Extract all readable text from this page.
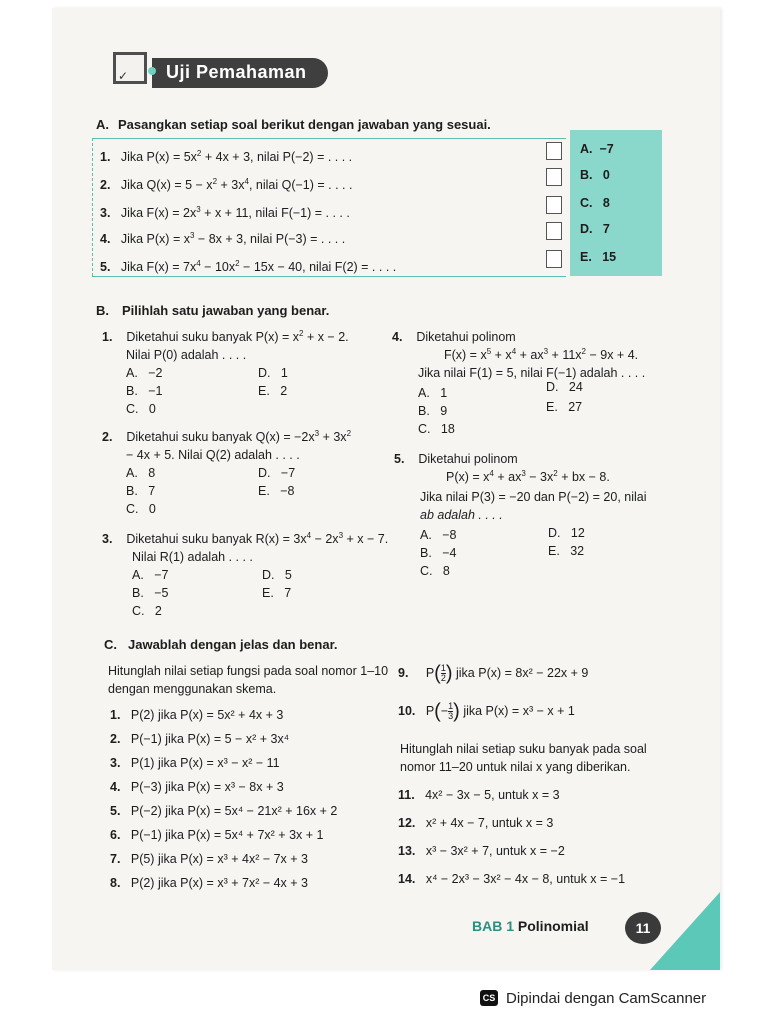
✓	Uji Pemahaman
A. Pasangkan setiap soal berikut dengan jawaban yang sesuai.
1. Jika $P(x) = 5x^2 + 4x + 3$, nilai P(−2) = . . . .
2. Jika $Q(x) = 5 - x^2 + 3x^4$, nilai Q(−1) = . . . .
3. Jika $F(x) = 2x^3 + x + 11$, nilai F(−1) = . . . .
4. Jika $P(x) = x^3 - 8x + 3$, nilai P(−3) = . . . .
5. Jika $F(x) = 7x^4 - 10x^2 - 15x - 40$, nilai F(2) = . . . .
A. −7
B. 0
C. 8
D. 7
E. 15
B. Pilihlah satu jawaban yang benar.
1. Diketahui suku banyak $P(x) = x^2 + x - 2$.
Nilai P(0) adalah . . . .
A. −2
B. −1
C. 0
D. 1
E. 2
2. Diketahui suku banyak $Q(x) = -2x^3 + 3x^2$
− 4x + 5. Nilai Q(2) adalah . . . .
A. 8
B. 7
C. 0
D. −7
E. −8
3. Diketahui suku banyak $R(x) = 3x^4 - 2x^3 + x - 7$.
Nilai R(1) adalah . . . .
A. −7
B. −5
C. 2
D. 5
E. 7
4. Diketahui polinom
$F(x) = x^5 + x^4 + ax^3 + 11x^2 - 9x + 4$.
Jika nilai F(1) = 5, nilai F(−1) adalah . . . .
A. 1
B. 9
C. 18
D. 24
E. 27
5. Diketahui polinom
$P(x) = x^4 + ax^3 - 3x^2$ + bx − 8.
Jika nilai P(3) = −20 dan P(−2) = 20, nilai
ab adalah . . . .
A. −8
B. −4
C. 8
D. 12
E. 32
C. Jawablah dengan jelas dan benar.
Hitunglah nilai setiap fungsi pada soal nomor 1–10
dengan menggunakan skema.
1. P(2) jika P(x) = 5x² + 4x + 3
2. P(−1) jika P(x) = 5 − x² + 3x⁴
3. P(1) jika P(x) = x³ − x² − 11
4. P(−3) jika P(x) = x³ − 8x + 3
5. P(−2) jika P(x) = 5x⁴ − 21x² + 16x + 2
6. P(−1) jika P(x) = 5x⁴ + 7x² + 3x + 1
7. P(5) jika P(x) = x³ + 4x² − 7x + 3
8. P(2) jika P(x) = x³ + 7x² − 4x + 3
9. $P( \frac{1}{2}$ ) jika P(x) = 8x² − 22x + 9
10. $P(- \frac{1}{3}$ ) jika P(x) = x³ − x + 1
Hitunglah nilai setiap suku banyak pada soal
nomor 11–20 untuk nilai x yang diberikan.
11. 4x² − 3x − 5, untuk x = 3
12. x² + 4x − 7, untuk x = 3
13. x³ − 3x² + 7, untuk x = −2
14. x⁴ − 2x³ − 3x² − 4x − 8, untuk x = −1
BAB 1 Polinomial	11
CS Dipindai dengan CamScanner
